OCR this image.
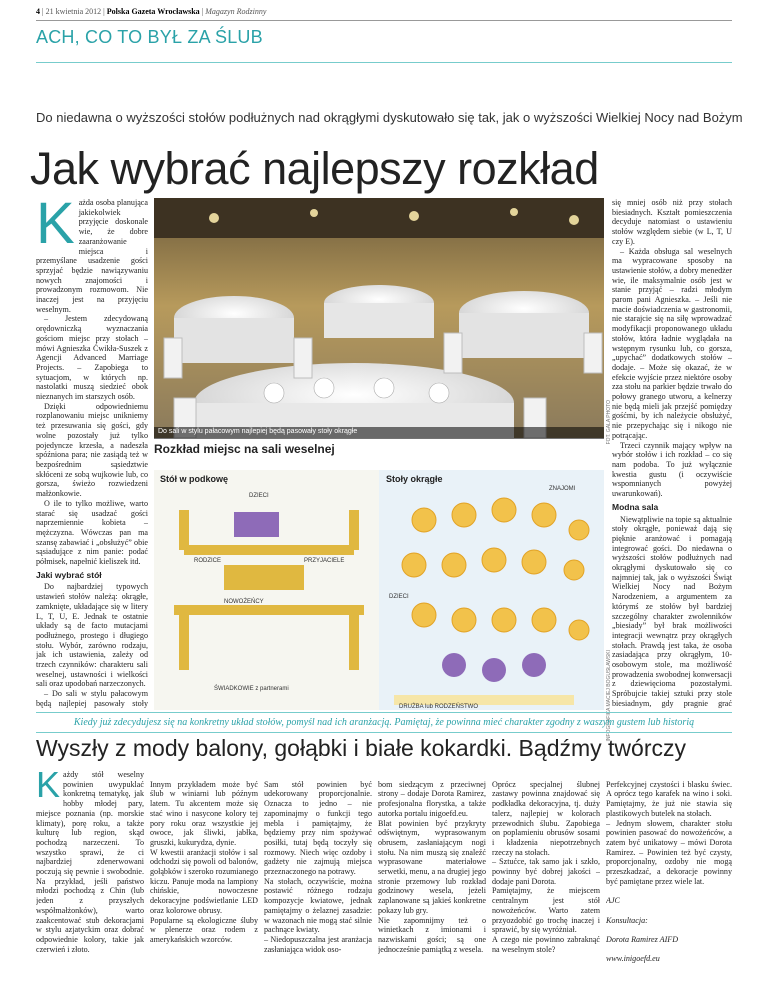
4 | 21 kwietnia 2012 | Polska Gazeta Wrocławska | Magazyn Rodzinny
ACH, CO TO BYŁ ZA ŚLUB
Do niedawna o wyższości stołów podłużnych nad okrągłymi dyskutowało się tak, jak o wyższości Wielkiej Nocy nad Bożym
Jak wybrać najlepszy rozkład
K ażda osoba planująca jakiekolwiek przyjęcie doskonale wie, że dobre zaaranżowanie miejsca i przemyślane usadzenie gości sprzyjać będzie nawiązywaniu nowych znajomości i prowadzonym rozmowom. Nie inaczej jest na przyjęciu weselnym.

– Jestem zdecydowaną orędowniczką wyznaczania gościom miejsc przy stołach – mówi Agnieszka Ćwikła-Suszek z Agencji Advanced Marriage Projects. – Zapobiega to sytuacjom, w których np. nastolatki muszą siedzieć obok nieznanych im starszych osób.

Dzięki odpowiedniemu rozplanowaniu miejsc unikniemy też przesuwania się gości, gdy wolne pozostały już tylko pojedyncze krzesła, a nadeszła spóźniona para; nie zasiądą też w bezpośrednim sąsiedztwie skłóceni ze sobą wujkowie lub, co gorsza, świeżo rozwiedzeni małżonkowie.

O ile to tylko możliwe, warto starać się usadzać gości naprzemiennie kobieta – mężczyzna. Wówczas pan ma szansę zabawiać i „obsłużyć” obie sąsiadujące z nim panie: podać półmisek, napełnić kieliszek itd.

Jaki wybrać stół

Do najbardziej typowych ustawień stołów należą: okrągłe, zamknięte, układające się w litery L, T, U, E. Jednak te ostatnie układy są de facto mutacjami podłużnego, prostego i długiego stołu. Wybór, zarówno rodzaju, jak ich ustawienia, zależy od trzech czynników: charakteru sali weselnej, ustawności i wielkości sali oraz upodobań narzeczonych.

– Do sali w stylu pałacowym będą najlepiej pasowały stoły

Do sali w stylu pałacowym najlepiej będą pasowały stoły okrągłe	FOT. GALA PHOTO

się mniej osób niż przy stołach biesiadnych. Kształt pomieszczenia decyduje natomiast o ustawieniu stołów względem siebie (w L, T, U czy E).

– Każda obsługa sal weselnych ma wypracowane sposoby na ustawienie stołów, a dobry menedżer wie, ile maksymalnie osób jest w stanie przyjąć – radzi młodym parom pani Agnieszka. – Jeśli nie macie doświadczenia w gastronomii, nie starajcie się na siłę wprowadzać modyfikacji proponowanego układu stołów, która ładnie wyglądała na wstępnym rysunku lub, co gorsza, „upychać” dodatkowych stołów – dodaje. – Może się okazać, że w efekcie wyjście przez niektóre osoby zza stołu na parkier będzie trwało do połowy granego utworu, a kelnerzy nie będą mieli jak przejść pomiędzy gośćmi, by ich należycie obsłużyć, nie przepychając się i nikogo nie potrącając.

Trzeci czynnik mający wpływ na wybór stołów i ich rozkład – co się nam podoba. To już wyłącznie kwestia gustu (i oczywiście wspomnianych powyżej uwarunkowań).

Modna sala

Niewątpliwie na topie są aktualnie stoły okrągłe, ponieważ dają się pięknie aranżować i pomagają integrować gości. Do niedawna o wyższości stołów podłużnych nad okrągłymi dyskutowało się co najmniej tak, jak o wyższości Świąt Wielkiej Nocy nad Bożym Narodzeniem, a argumentem za którymś ze stołów był bardziej szczególny charakter zwolenników „biesiady” był brak możliwości integracji wewnątrz przy okrągłych stołach. Prawdą jest taka, że osoba zasiadająca przy okrągłym, 10-osobowym stole, ma możliwość prowadzenia swobodnej konwersacji z dziewięcioma pozostałymi. Spróbujcie takiej sztuki przy stole biesiadnym, gdy pragnie grać

Rozkład miejsc na sali weselnej
Stół w podkowę	Stoły okrągłe
DZIECI
RODZICE	PRZYJACIELE
NOWOŻEŃCY
ŚWIADKOWIE z partnerami
ZNAJOMI
DZIECI
DRUŻBA lub RODZEŃSTWO	INFOGRAFIKA MACIEJ BOGUSŁAWSKI
Kiedy już zdecydujesz się na konkretny układ stołów, pomyśl nad ich aranżacją. Pamiętaj, że powinna mieć charakter zgodny z waszym gustem lub historią
Wyszły z mody balony, gołąbki i białe kokardki. Bądźmy twórczy
K ażdy stół weselny powinien uwypuklać konkretną tematykę, jak hobby młodej pary, miejsce poznania (np. morskie klimaty), porę roku, a także kulturę lub region, skąd pochodzą narzeczeni. To wszystko sprawi, że ci najbardziej zdenerwowani poczują się pewnie i swobodnie. Na przykład, jeśli państwo młodzi pochodzą z Chin (lub jeden z przyszłych współmałżonków), warto zaakcentować stub dekoracjami w stylu azjatyckim oraz dobrać odpowiednie kolory, takie jak czerwień i złoto.

Innym przykładem może być ślub w winiarni lub późnym latem. Tu akcentem może się stać wino i nasycone kolory tej pory roku oraz wszystkie jej owoce, jak śliwki, jabłka, gruszki, kukurydza, dynie.
W kwestii aranżacji stołów i sal odchodzi się powoli od balonów, gołąbków i szeroko rozumianego kiczu. Panuje moda na lampiony chińskie, nowoczesne dekoracyjne podświetlanie LED oraz kolorowe obrusy.
Popularne są ekologiczne śluby w plenerze oraz rodem z amerykańskich wzorców.

Sam stół powinien być udekorowany proporcjonalnie. Oznacza to jedno – nie zapominajmy o funkcji tego mebla i pamiętajmy, że będziemy przy nim spożywać posiłki, tutaj będą toczyły się rozmowy. Niech więc ozdoby i gadżety nie zajmują miejsca przeznaczonego na potrawy.
Na stołach, oczywiście, można postawić różnego rodzaju kompozycje kwiatowe, jednak pamiętajmy o żelaznej zasadzie: w wazonach nie mogą stać silnie pachnące kwiaty.
– Niedopuszczalna jest aranżacja zasłaniająca widok oso-

bom siedzącym z przeciwnej strony – dodaje Dorota Ramirez, profesjonalna florystka, a także autorka portalu inigoefd.eu.
Blat powinien być przykryty odświętnym, wyprasowanym obrusem, zasłaniającym nogi stołu. Na nim muszą się znaleźć wyprasowane materiałowe serwetki, menu, a na drugiej jego stronie przemowy lub rozkład godzinowy wesela, jeżeli zaplanowane są jakieś konkretne pokazy lub gry.
Nie zapomnijmy też o winietkach z imionami i nazwiskami gości; są one jednocześnie pamiątką z wesela.

Oprócz specjalnej ślubnej zastawy powinna znajdować się podkładka dekoracyjna, tj. duży talerz, najlepiej w kolorach przewodnich ślubu. Zapobiega on poplamieniu obrusów sosami i kładzenia niepotrzebnych rzeczy na stołach.
– Sztućce, tak samo jak i szkło, powinny być dobrej jakości – dodaje pani Dorota.
Pamiętajmy, że miejscem centralnym jest stół nowożeńców. Warto zatem przyozdobić go trochę inaczej i sprawić, by się wyróżniał.
A czego nie powinno zabraknąć na weselnym stole?

Perfekcyjnej czystości i blasku świec. A oprócz tego karafek na wino i soki. Pamiętajmy, że już nie stawia się plastikowych butelek na stołach.
– Jednym słowem, charakter stołu powinien pasować do nowożeńców, a zatem być unikatowy – mówi Dorota Ramirez. – Powinien też być czysty, proporcjonalny, ozdoby nie mogą przeszkadzać, a dekoracje powinny być pamiętane przez wiele lat.

AJC

Konsultacja:

Dorota Ramirez AIFD

www.inigoefd.eu
